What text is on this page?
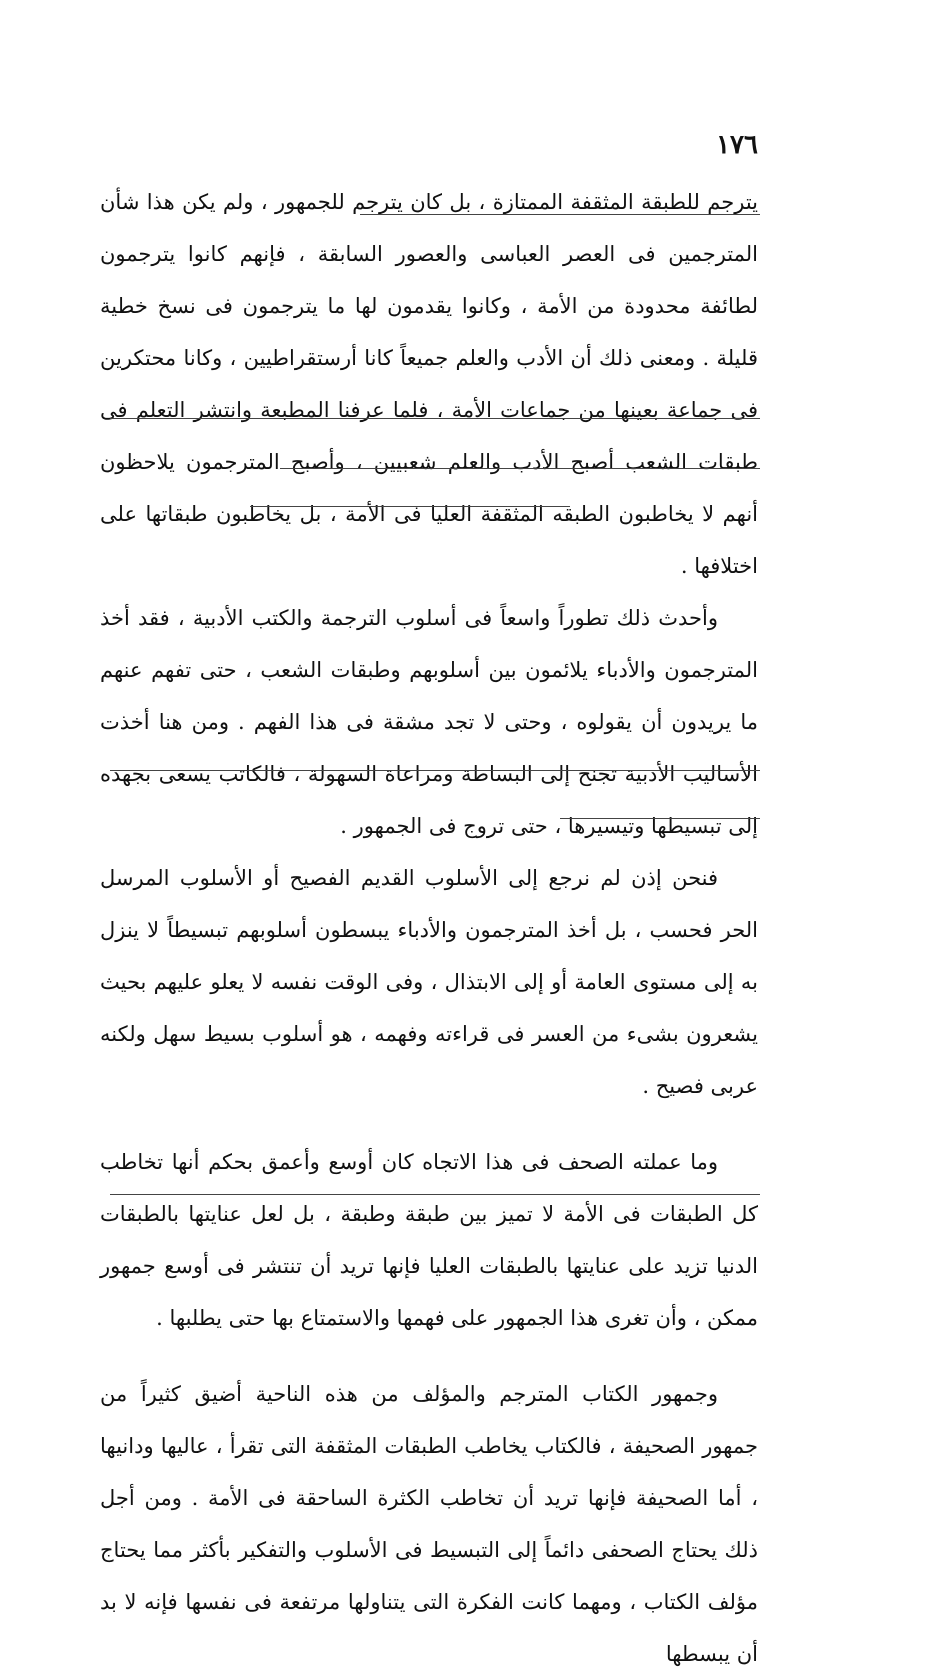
١٧٦

يترجم للطبقة المثقفة الممتازة ، بل كان يترجم للجمهور ، ولم يكن هذا شأن المترجمين فى العصر العباسى والعصور السابقة ، فإنهم كانوا يترجمون لطائفة محدودة من الأمة ، وكانوا يقدمون لها ما يترجمون فى نسخ خطية قليلة . ومعنى ذلك أن الأدب والعلم جميعاً كانا أرستقراطيين ، وكانا محتكرين فى جماعة بعينها من جماعات الأمة ، فلما عرفنا المطبعة وانتشر التعلم فى طبقات الشعب أصبح الأدب والعلم شعبيين ، وأصبح المترجمون يلاحظون أنهم لا يخاطبون الطبقه المثقفة العليا فى الأمة ، بل يخاطبون طبقاتها على اختلافها .

وأحدث ذلك تطوراً واسعاً فى أسلوب الترجمة والكتب الأدبية ، فقد أخذ المترجمون والأدباء يلائمون بين أسلوبهم وطبقات الشعب ، حتى تفهم عنهم ما يريدون أن يقولوه ، وحتى لا تجد مشقة فى هذا الفهم . ومن هنا أخذت الأساليب الأدبية تجنح إلى البساطة ومراعاة السهولة ، فالكاتب يسعى بجهده إلى تبسيطها وتيسيرها ، حتى تروج فى الجمهور .

فنحن إذن لم نرجع إلى الأسلوب القديم الفصيح أو الأسلوب المرسل الحر فحسب ، بل أخذ المترجمون والأدباء يبسطون أسلوبهم تبسيطاً لا ينزل به إلى مستوى العامة أو إلى الابتذال ، وفى الوقت نفسه لا يعلو عليهم بحيث يشعرون بشىء من العسر فى قراءته وفهمه ، هو أسلوب بسيط سهل ولكنه عربى فصيح .

وما عملته الصحف فى هذا الاتجاه كان أوسع وأعمق بحكم أنها تخاطب كل الطبقات فى الأمة لا تميز بين طبقة وطبقة ، بل لعل عنايتها بالطبقات الدنيا تزيد على عنايتها بالطبقات العليا فإنها تريد أن تنتشر فى أوسع جمهور ممكن ، وأن تغرى هذا الجمهور على فهمها والاستمتاع بها حتى يطلبها .

وجمهور الكتاب المترجم والمؤلف من هذه الناحية أضيق كثيراً من جمهور الصحيفة ، فالكتاب يخاطب الطبقات المثقفة التى تقرأ ، عاليها ودانيها ، أما الصحيفة فإنها تريد أن تخاطب الكثرة الساحقة فى الأمة . ومن أجل ذلك يحتاج الصحفى دائماً إلى التبسيط فى الأسلوب والتفكير بأكثر مما يحتاج مؤلف الكتاب ، ومهما كانت الفكرة التى يتناولها مرتفعة فى نفسها فإنه لا بد أن يبسطها
